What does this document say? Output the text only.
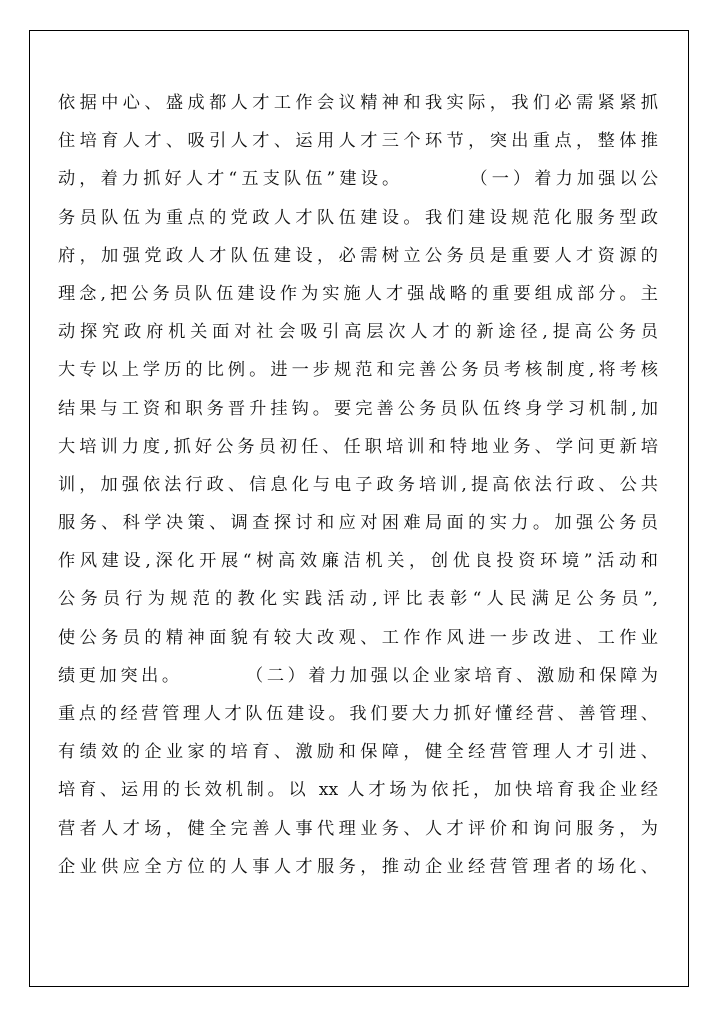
依据中心、盛成都人才工作会议精神和我实际，我们必需紧紧抓
住培育人才、吸引人才、运用人才三个环节，突出重点，整体推
动，着力抓好人才“五支队伍”建设。       （一）着力加强以公
务员队伍为重点的党政人才队伍建设。我们建设规范化服务型政
府，加强党政人才队伍建设，必需树立公务员是重要人才资源的
理念,把公务员队伍建设作为实施人才强战略的重要组成部分。主
动探究政府机关面对社会吸引高层次人才的新途径,提高公务员
大专以上学历的比例。进一步规范和完善公务员考核制度,将考核
结果与工资和职务晋升挂钩。要完善公务员队伍终身学习机制,加
大培训力度,抓好公务员初任、任职培训和特地业务、学问更新培
训，加强依法行政、信息化与电子政务培训,提高依法行政、公共
服务、科学决策、调查探讨和应对困难局面的实力。加强公务员
作风建设,深化开展“树高效廉洁机关，创优良投资环境”活动和
公务员行为规范的教化实践活动,评比表彰“人民满足公务员”,
使公务员的精神面貌有较大改观、工作作风进一步改进、工作业
绩更加突出。       （二）着力加强以企业家培育、激励和保障为
重点的经营管理人才队伍建设。我们要大力抓好懂经营、善管理、
有绩效的企业家的培育、激励和保障，健全经营管理人才引进、
培育、运用的长效机制。以 xx 人才场为依托，加快培育我企业经
营者人才场，健全完善人事代理业务、人才评价和询问服务，为
企业供应全方位的人事人才服务，推动企业经营管理者的场化、
